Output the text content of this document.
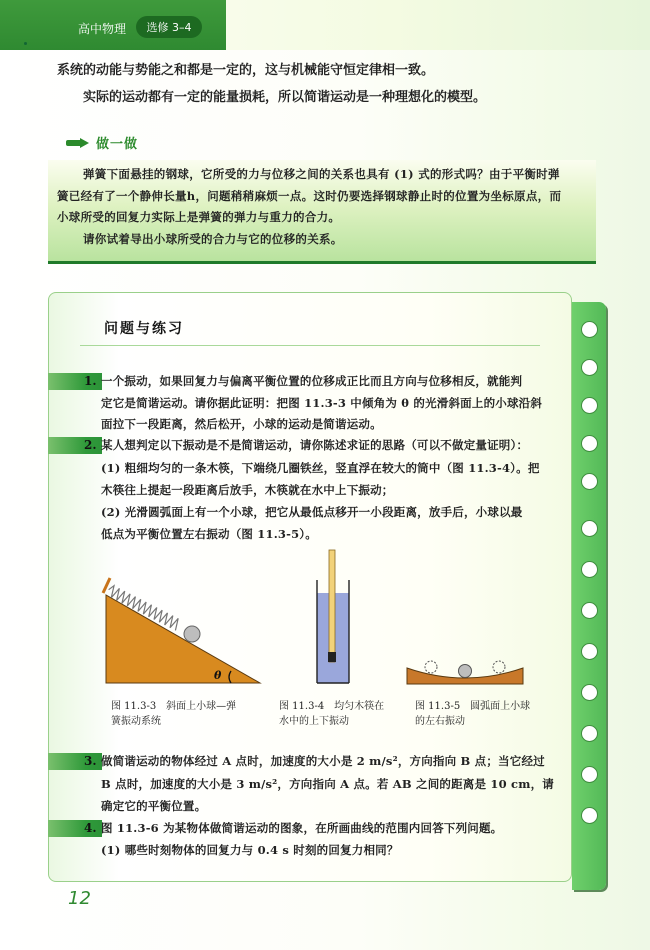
高中物理	选修 3–4
系统的动能与势能之和都是一定的，这与机械能守恒定律相一致。
实际的运动都有一定的能量损耗，所以简谐运动是一种理想化的模型。
做一做
弹簧下面悬挂的钢球，它所受的力与位移之间的关系也具有 (1) 式的形式吗？由于平衡时弹
簧已经有了一个静伸长量h，问题稍稍麻烦一点。这时仍要选择钢球静止时的位置为坐标原点，而
小球所受的回复力实际上是弹簧的弹力与重力的合力。
请你试着导出小球所受的合力与它的位移的关系。
问题与练习
1. 一个振动，如果回复力与偏离平衡位置的位移成正比而且方向与位移相反，就能判
定它是简谐运动。请你据此证明：把图 11.3-3 中倾角为 θ 的光滑斜面上的小球沿斜
面拉下一段距离，然后松开，小球的运动是简谐运动。
2. 某人想判定以下振动是不是简谐运动，请你陈述求证的思路（可以不做定量证明）：
(1) 粗细均匀的一条木筷，下端绕几圈铁丝，竖直浮在较大的筒中（图 11.3-4）。把
木筷往上提起一段距离后放手，木筷就在水中上下振动；
(2) 光滑圆弧面上有一个小球，把它从最低点移开一小段距离，放手后，小球以最
低点为平衡位置左右振动（图 11.3-5）。
θ
图 11.3-3　斜面上小球—弹
簧振动系统
图 11.3-4　均匀木筷在
水中的上下振动
图 11.3-5　圆弧面上小球
的左右振动
3. 做简谐运动的物体经过 A 点时，加速度的大小是 2 m/s²，方向指向 B 点；当它经过
B 点时，加速度的大小是 3 m/s²，方向指向 A 点。若 AB 之间的距离是 10 cm，请
确定它的平衡位置。
4. 图 11.3-6 为某物体做简谐运动的图象，在所画曲线的范围内回答下列问题。
(1) 哪些时刻物体的回复力与 0.4 s 时刻的回复力相同？
12
